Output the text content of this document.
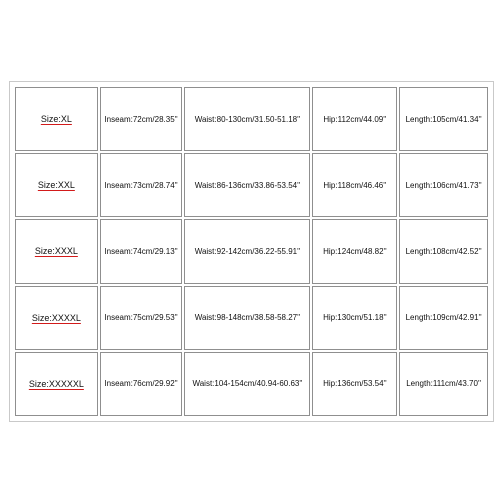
Size:XL	Inseam:72cm/28.35''	Waist:80-130cm/31.50-51.18''	Hip:112cm/44.09''	Length:105cm/41.34''
Size:XXL	Inseam:73cm/28.74''	Waist:86-136cm/33.86-53.54''	Hip:118cm/46.46''	Length:106cm/41.73''
Size:XXXL	Inseam:74cm/29.13''	Waist:92-142cm/36.22-55.91''	Hip:124cm/48.82''	Length:108cm/42.52''
Size:XXXXL	Inseam:75cm/29.53''	Waist:98-148cm/38.58-58.27''	Hip:130cm/51.18''	Length:109cm/42.91''
Size:XXXXXL	Inseam:76cm/29.92''	Waist:104-154cm/40.94-60.63''	Hip:136cm/53.54''	Length:111cm/43.70''
